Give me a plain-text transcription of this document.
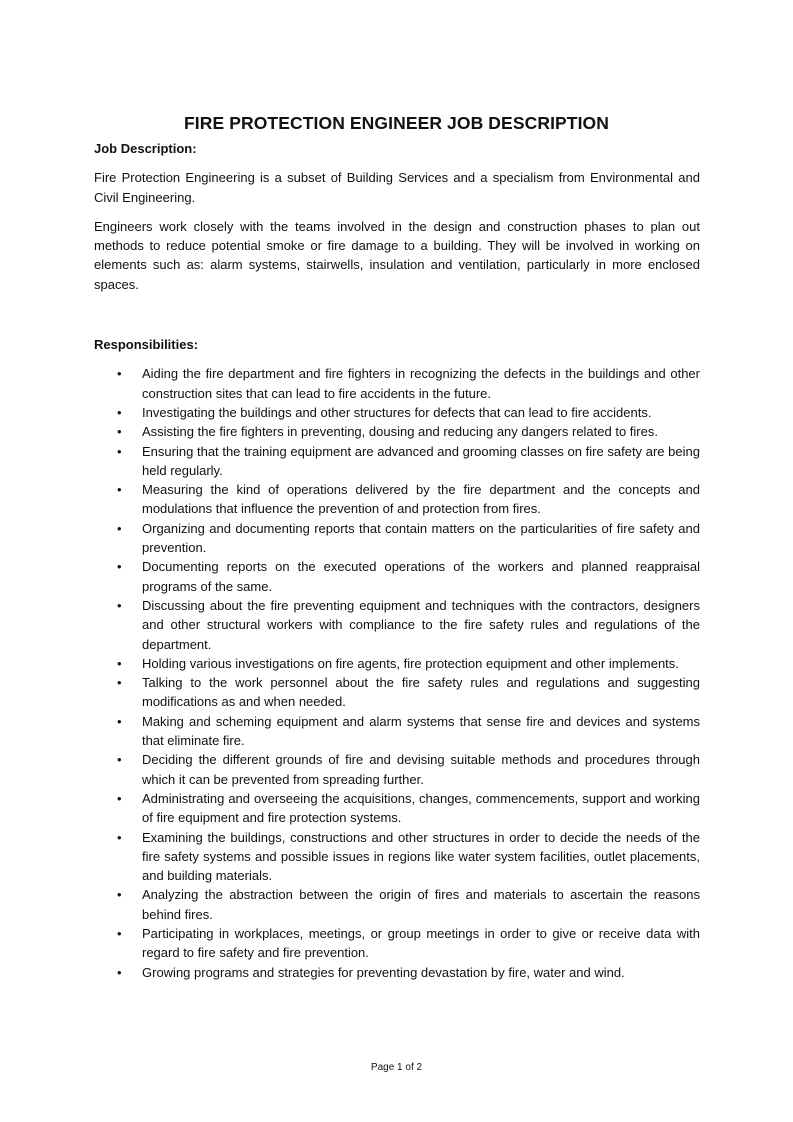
FIRE PROTECTION ENGINEER JOB DESCRIPTION

Job Description:

Fire Protection Engineering is a subset of Building Services and a specialism from Environmental and Civil Engineering.

Engineers work closely with the teams involved in the design and construction phases to plan out methods to reduce potential smoke or fire damage to a building. They will be involved in working on elements such as: alarm systems, stairwells, insulation and ventilation, particularly in more enclosed spaces.

Responsibilities:

• Aiding the fire department and fire fighters in recognizing the defects in the buildings and other construction sites that can lead to fire accidents in the future.
• Investigating the buildings and other structures for defects that can lead to fire accidents.
• Assisting the fire fighters in preventing, dousing and reducing any dangers related to fires.
• Ensuring that the training equipment are advanced and grooming classes on fire safety are being held regularly.
• Measuring the kind of operations delivered by the fire department and the concepts and modulations that influence the prevention of and protection from fires.
• Organizing and documenting reports that contain matters on the particularities of fire safety and prevention.
• Documenting reports on the executed operations of the workers and planned reappraisal programs of the same.
• Discussing about the fire preventing equipment and techniques with the contractors, designers and other structural workers with compliance to the fire safety rules and regulations of the department.
• Holding various investigations on fire agents, fire protection equipment and other implements.
• Talking to the work personnel about the fire safety rules and regulations and suggesting modifications as and when needed.
• Making and scheming equipment and alarm systems that sense fire and devices and systems that eliminate fire.
• Deciding the different grounds of fire and devising suitable methods and procedures through which it can be prevented from spreading further.
• Administrating and overseeing the acquisitions, changes, commencements, support and working of fire equipment and fire protection systems.
• Examining the buildings, constructions and other structures in order to decide the needs of the fire safety systems and possible issues in regions like water system facilities, outlet placements, and building materials.
• Analyzing the abstraction between the origin of fires and materials to ascertain the reasons behind fires.
• Participating in workplaces, meetings, or group meetings in order to give or receive data with regard to fire safety and fire prevention.
• Growing programs and strategies for preventing devastation by fire, water and wind.
Page 1 of 2
